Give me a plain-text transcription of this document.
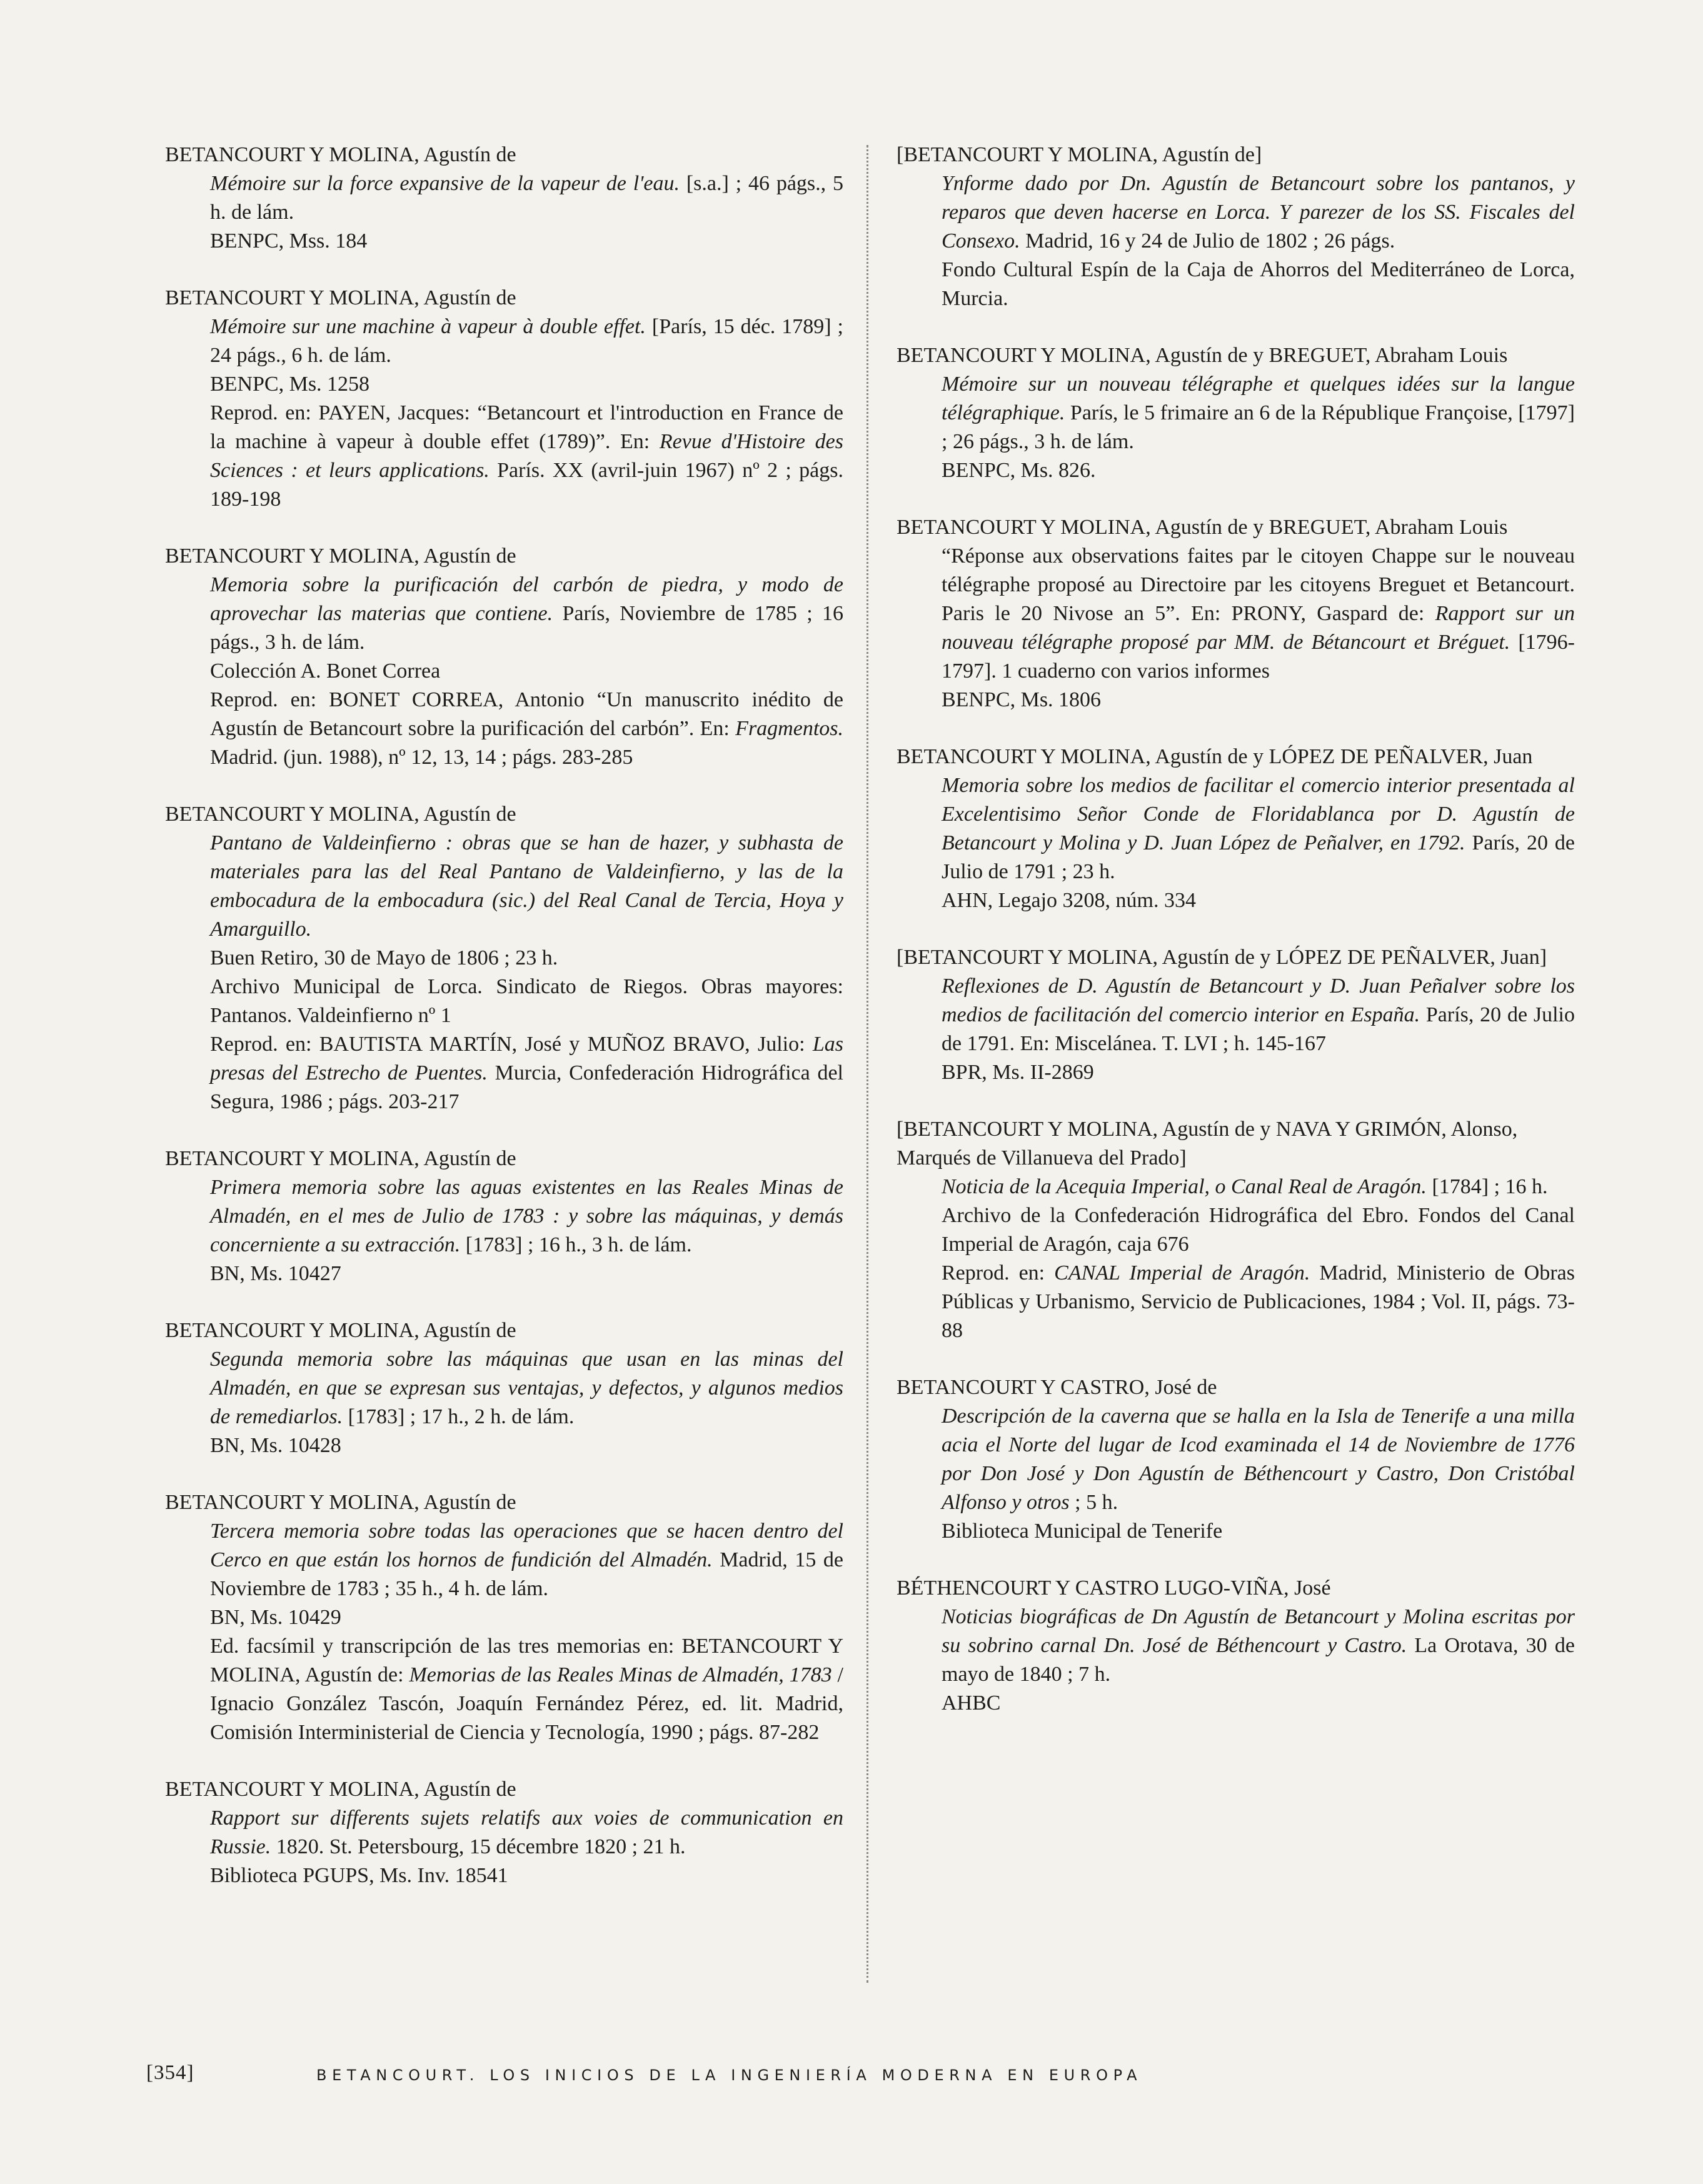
BETANCOURT Y MOLINA, Agustín de

Mémoire sur la force expansive de la vapeur de l'eau. [s.a.] ; 46 págs., 5 h. de lám.

BENPC, Mss. 184

BETANCOURT Y MOLINA, Agustín de

Mémoire sur une machine à vapeur à double effet. [París, 15 déc. 1789] ; 24 págs., 6 h. de lám.

BENPC, Ms. 1258

Reprod. en: PAYEN, Jacques: “Betancourt et l'introduction en France de la machine à vapeur à double effet (1789)”. En: Revue d'Histoire des Sciences : et leurs applications. París. XX (avril-juin 1967) nº 2 ; págs. 189-198

BETANCOURT Y MOLINA, Agustín de

Memoria sobre la purificación del carbón de piedra, y modo de aprovechar las materias que contiene. París, Noviembre de 1785 ; 16 págs., 3 h. de lám.

Colección A. Bonet Correa

Reprod. en: BONET CORREA, Antonio “Un manuscrito inédito de Agustín de Betancourt sobre la purificación del carbón”. En: Fragmentos. Madrid. (jun. 1988), nº 12, 13, 14 ; págs. 283-285

BETANCOURT Y MOLINA, Agustín de

Pantano de Valdeinfierno : obras que se han de hazer, y subhasta de materiales para las del Real Pantano de Valdeinfierno, y las de la embocadura de la embocadura (sic.) del Real Canal de Tercia, Hoya y Amarguillo.

Buen Retiro, 30 de Mayo de 1806 ; 23 h.

Archivo Municipal de Lorca. Sindicato de Riegos. Obras mayores: Pantanos. Valdeinfierno nº 1

Reprod. en: BAUTISTA MARTÍN, José y MUÑOZ BRAVO, Julio: Las presas del Estrecho de Puentes. Murcia, Confederación Hidrográfica del Segura, 1986 ; págs. 203-217

BETANCOURT Y MOLINA, Agustín de

Primera memoria sobre las aguas existentes en las Reales Minas de Almadén, en el mes de Julio de 1783 : y sobre las máquinas, y demás concerniente a su extracción. [1783] ; 16 h., 3 h. de lám.

BN, Ms. 10427

BETANCOURT Y MOLINA, Agustín de

Segunda memoria sobre las máquinas que usan en las minas del Almadén, en que se expresan sus ventajas, y defectos, y algunos medios de remediarlos. [1783] ; 17 h., 2 h. de lám.

BN, Ms. 10428

BETANCOURT Y MOLINA, Agustín de

Tercera memoria sobre todas las operaciones que se hacen dentro del Cerco en que están los hornos de fundición del Almadén. Madrid, 15 de Noviembre de 1783 ; 35 h., 4 h. de lám.

BN, Ms. 10429

Ed. facsímil y transcripción de las tres memorias en: BETANCOURT Y MOLINA, Agustín de: Memorias de las Reales Minas de Almadén, 1783 / Ignacio González Tascón, Joaquín Fernández Pérez, ed. lit. Madrid, Comisión Interministerial de Ciencia y Tecnología, 1990 ; págs. 87-282

BETANCOURT Y MOLINA, Agustín de

Rapport sur differents sujets relatifs aux voies de communication en Russie. 1820. St. Petersbourg, 15 décembre 1820 ; 21 h.

Biblioteca PGUPS, Ms. Inv. 18541

[BETANCOURT Y MOLINA, Agustín de]

Ynforme dado por Dn. Agustín de Betancourt sobre los pantanos, y reparos que deven hacerse en Lorca. Y parezer de los SS. Fiscales del Consexo. Madrid, 16 y 24 de Julio de 1802 ; 26 págs.

Fondo Cultural Espín de la Caja de Ahorros del Mediterráneo de Lorca, Murcia.

BETANCOURT Y MOLINA, Agustín de y BREGUET, Abraham Louis

Mémoire sur un nouveau télégraphe et quelques idées sur la langue télégraphique. París, le 5 frimaire an 6 de la République Françoise, [1797] ; 26 págs., 3 h. de lám.

BENPC, Ms. 826.

BETANCOURT Y MOLINA, Agustín de y BREGUET, Abraham Louis

“Réponse aux observations faites par le citoyen Chappe sur le nouveau télégraphe proposé au Directoire par les citoyens Breguet et Betancourt. Paris le 20 Nivose an 5”. En: PRONY, Gaspard de: Rapport sur un nouveau télégraphe proposé par MM. de Bétancourt et Bréguet. [1796-1797]. 1 cuaderno con varios informes

BENPC, Ms. 1806

BETANCOURT Y MOLINA, Agustín de y LÓPEZ DE PEÑALVER, Juan

Memoria sobre los medios de facilitar el comercio interior presentada al Excelentisimo Señor Conde de Floridablanca por D. Agustín de Betancourt y Molina y D. Juan López de Peñalver, en 1792. París, 20 de Julio de 1791 ; 23 h.

AHN, Legajo 3208, núm. 334

[BETANCOURT Y MOLINA, Agustín de y LÓPEZ DE PEÑALVER, Juan]

Reflexiones de D. Agustín de Betancourt y D. Juan Peñalver sobre los medios de facilitación del comercio interior en España. París, 20 de Julio de 1791. En: Miscelánea. T. LVI ; h. 145-167

BPR, Ms. II-2869

[BETANCOURT Y MOLINA, Agustín de y NAVA Y GRIMÓN, Alonso, Marqués de Villanueva del Prado]

Noticia de la Acequia Imperial, o Canal Real de Aragón. [1784] ; 16 h.

Archivo de la Confederación Hidrográfica del Ebro. Fondos del Canal Imperial de Aragón, caja 676

Reprod. en: CANAL Imperial de Aragón. Madrid, Ministerio de Obras Públicas y Urbanismo, Servicio de Publicaciones, 1984 ; Vol. II, págs. 73-88

BETANCOURT Y CASTRO, José de

Descripción de la caverna que se halla en la Isla de Tenerife a una milla acia el Norte del lugar de Icod examinada el 14 de Noviembre de 1776 por Don José y Don Agustín de Béthencourt y Castro, Don Cristóbal Alfonso y otros ; 5 h.

Biblioteca Municipal de Tenerife

BÉTHENCOURT Y CASTRO LUGO-VIÑA, José

Noticias biográficas de Dn Agustín de Betancourt y Molina escritas por su sobrino carnal Dn. José de Béthencourt y Castro. La Orotava, 30 de mayo de 1840 ; 7 h.

AHBC

[354]	BETANCOURT. LOS INICIOS DE LA INGENIERÍA MODERNA EN EUROPA
